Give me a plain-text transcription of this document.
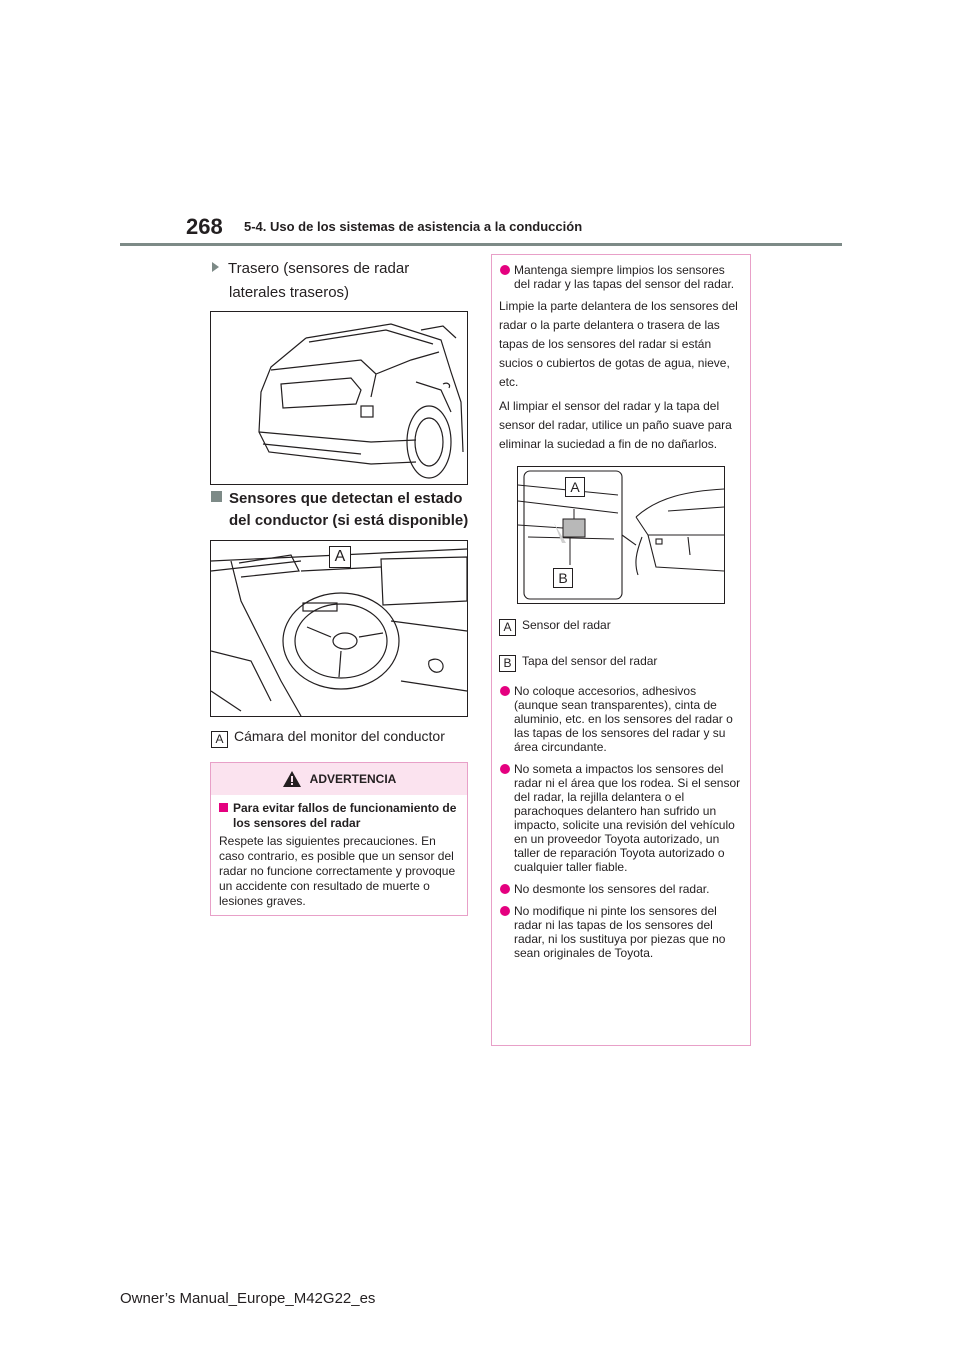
268 5-4. Uso de los sistemas de asistencia a la conducción
Trasero (sensores de radar laterales traseros)
Sensores que detectan el estado del conductor (si está disponible)
A
A Cámara del monitor del conductor
ADVERTENCIA
Para evitar fallos de funcionamiento de los sensores del radar
Respete las siguientes precauciones. En caso contrario, es posible que un sensor del radar no funcione correctamente y provoque un accidente con resultado de muerte o lesiones graves.
Mantenga siempre limpios los sensores del radar y las tapas del sensor del radar.
Limpie la parte delantera de los sensores del radar o la parte delantera o trasera de las tapas de los sensores del radar si están sucios o cubiertos de gotas de agua, nieve, etc.
Al limpiar el sensor del radar y la tapa del sensor del radar, utilice un paño suave para eliminar la suciedad a fin de no dañarlos.
A
B
A Sensor del radar
B Tapa del sensor del radar
No coloque accesorios, adhesivos (aunque sean transparentes), cinta de aluminio, etc. en los sensores del radar o las tapas de los sensores del radar y su área circundante.
No someta a impactos los sensores del radar ni el área que los rodea. Si el sensor del radar, la rejilla delantera o el parachoques delantero han sufrido un impacto, solicite una revisión del vehículo en un proveedor Toyota autorizado, un taller de reparación Toyota autorizado o cualquier taller fiable.
No desmonte los sensores del radar.
No modifique ni pinte los sensores del radar ni las tapas de los sensores del radar, ni los sustituya por piezas que no sean originales de Toyota.
Owner’s Manual_Europe_M42G22_es
